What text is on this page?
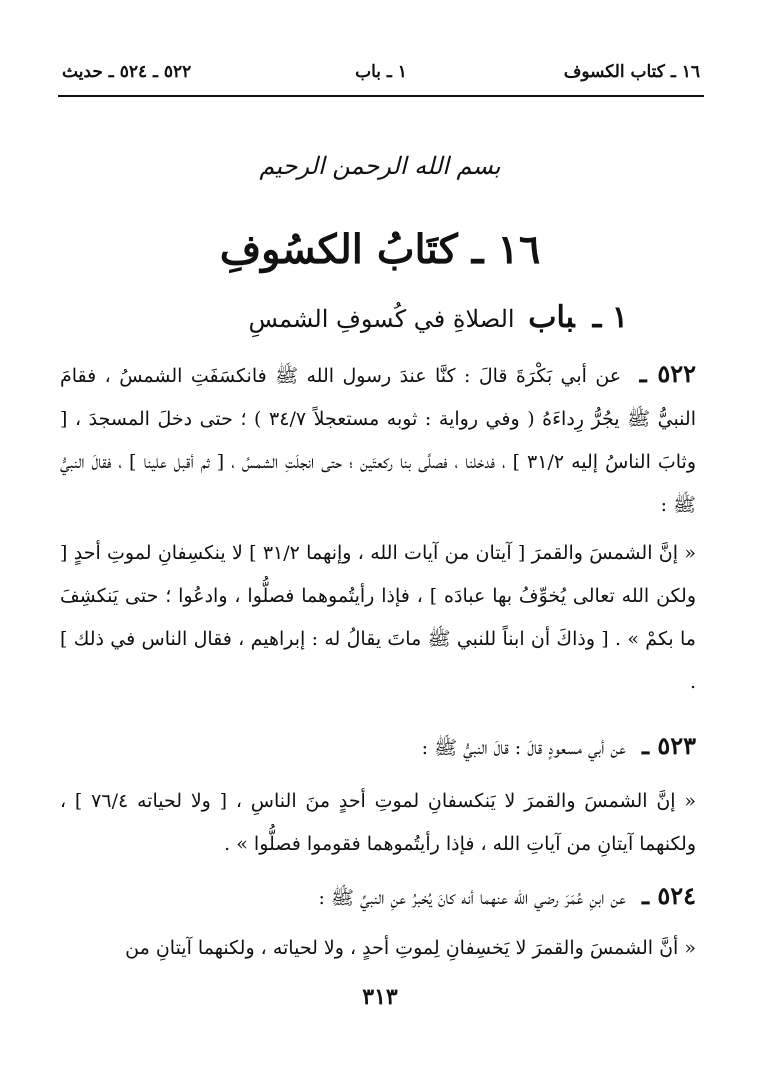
١٦ ـ كتاب الكسوف
١ ـ باب
٥٢٢ ـ ٥٢٤ ـ حديث
بسم الله الرحمن الرحيم
١٦ ـ كتَابُ الكسُوفِ
١ ـباب الصلاةِ في كُسوفِ الشمسِ
٥٢٢ ـ عن أبي بَكْرَةَ قالَ : كنَّا عندَ رسول الله ﷺ فانكسَفَتِ الشمسُ ، فقامَ النبيُّ ﷺ يجُرُّ رِداءَهُ ( وفي رواية : ثوبه مستعجلاً ٣٤/٧ ) ؛ حتى دخلَ المسجدَ ، [ وثابَ الناسُ إليه ٣١/٢ ] ، فدخلنا ، فصلَّى بنا ركعتَين ؛ حتى انجلَتِ الشمسُ ، [ ثم أقبل علينا ] ، فقالَ النبيُّ ﷺ :
« إنَّ الشمسَ والقمرَ [ آيتان من آيات الله ، وإنهما ٣١/٢ ] لا ينكسِفانِ لموتِ أحدٍ [ ولكن الله تعالى يُخوِّفُ بها عبادَه ] ، فإذا رأيتُموهما فصلُّوا ، وادعُوا ؛ حتى يَنكشِفَ ما بكمْ » . [ وذاكَ أن ابناً للنبي ﷺ ماتَ يقالُ له : إبراهيم ، فقال الناس في ذلك ] .
٥٢٣ ـ عن أبي مسعودٍ قالَ : قالَ النبيُّ ﷺ :
« إنَّ الشمسَ والقمرَ لا يَنكسفانِ لموتِ أحدٍ منَ الناسِ ، [ ولا لحياته ٧٦/٤ ] ، ولكنهما آيتانِ من آياتِ الله ، فإذا رأيتُموهما فقوموا فصلُّوا » .
٥٢٤ ـ عن ابنِ عُمَرَ رضي الله عنهما أنه كانَ يُخبرُ عنِ النبيِّ ﷺ :
« أنَّ الشمسَ والقمرَ لا يَخسِفانِ لِموتِ أحدٍ ، ولا لحياته ، ولكنهما آيتانِ من
٣١٣
